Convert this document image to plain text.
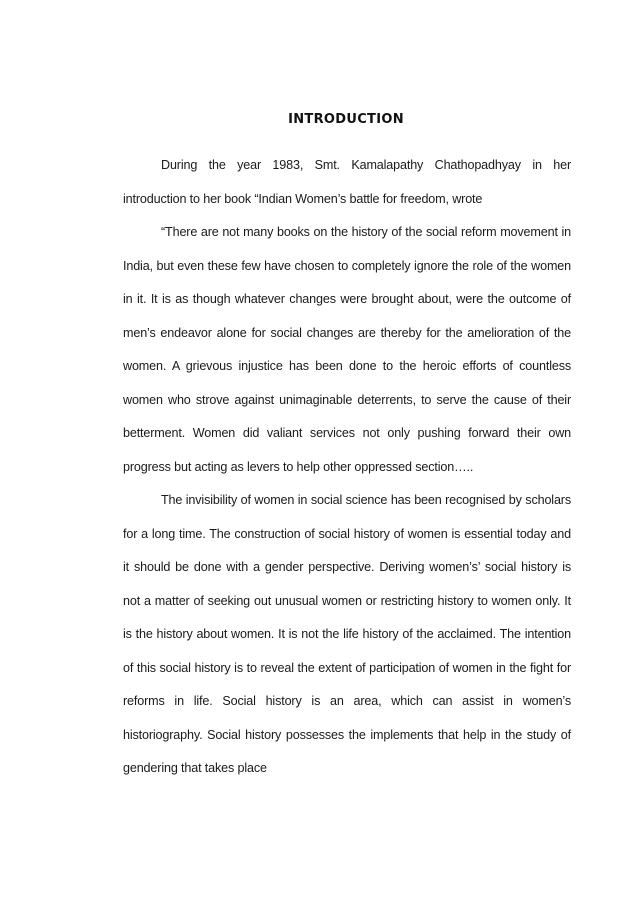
INTRODUCTION

During the year 1983, Smt. Kamalapathy Chathopadhyay in her introduction to her book “Indian Women’s battle for freedom, wrote

“There are not many books on the history of the social reform movement in India, but even these few have chosen to completely ignore the role of the women in it. It is as though whatever changes were brought about, were the outcome of men’s endeavor alone for social changes are thereby for the amelioration of the women. A grievous injustice has been done to the heroic efforts of countless women who strove against unimaginable deterrents, to serve the cause of their betterment. Women did valiant services not only pushing forward their own progress but acting as levers to help other oppressed section…..

The invisibility of women in social science has been recognised by scholars for a long time. The construction of social history of women is essential today and it should be done with a gender perspective. Deriving women’s’ social history is not a matter of seeking out unusual women or restricting history to women only. It is the history about women. It is not the life history of the acclaimed. The intention of this social history is to reveal the extent of participation of women in the fight for reforms in life. Social history is an area, which can assist in women’s historiography. Social history possesses the implements that help in the study of gendering that takes place
